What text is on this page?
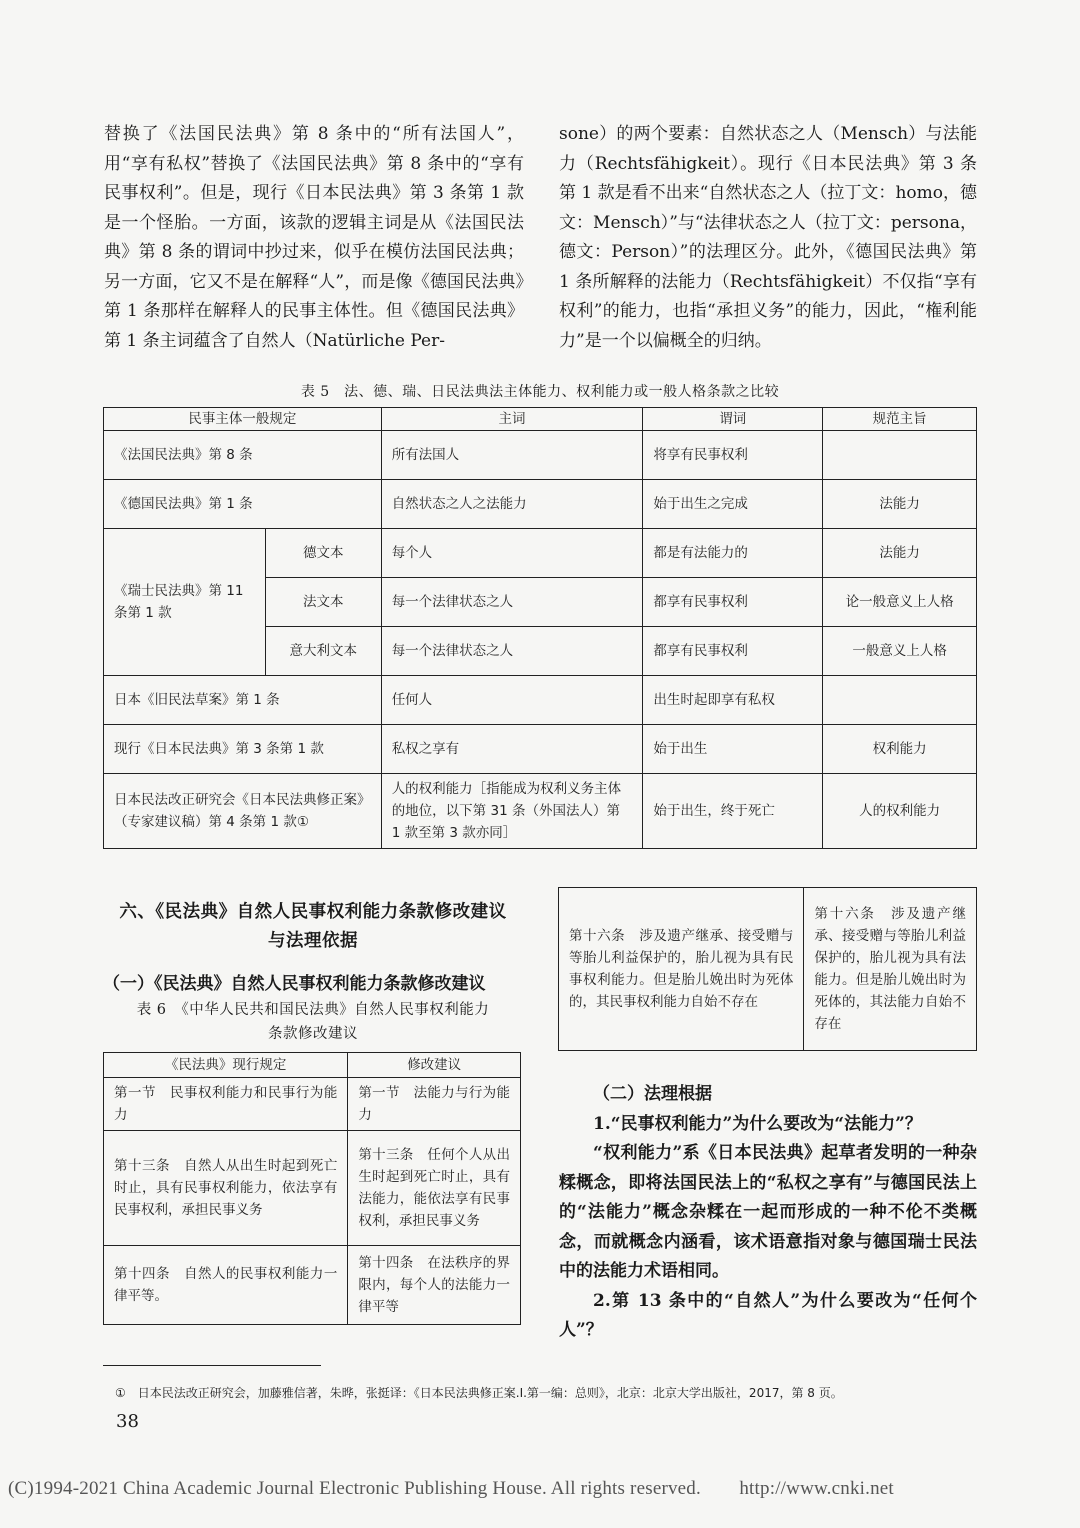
替换了《法国民法典》第 8 条中的“所有法国人”，用“享有私权”替换了《法国民法典》第 8 条中的“享有民事权利”。但是，现行《日本民法典》第 3 条第 1 款是一个怪胎。一方面，该款的逻辑主词是从《法国民法典》第 8 条的谓词中抄过来，似乎在模仿法国民法典；另一方面，它又不是在解释“人”，而是像《德国民法典》第 1 条那样在解释人的民事主体性。但《德国民法典》第 1 条主词蕴含了自然人（Natürliche Per-

sone）的两个要素：自然状态之人（Mensch）与法能力（Rechtsfähigkeit）。现行《日本民法典》第 3 条第 1 款是看不出来“自然状态之人（拉丁文：homo，德文：Mensch）”与“法律状态之人（拉丁文：persona，德文：Person）”的法理区分。此外，《德国民法典》第 1 条所解释的法能力（Rechtsfähigkeit）不仅指“享有权利”的能力，也指“承担义务”的能力，因此，“権利能力”是一个以偏概全的归纳。

表 5　法、德、瑞、日民法典法主体能力、权利能力或一般人格条款之比较
民事主体一般规定		主词	谓词	规范主旨
《法国民法典》第 8 条		所有法国人	将享有民事权利	
《德国民法典》第 1 条		自然状态之人之法能力	始于出生之完成	法能力
《瑞士民法典》第 11 条第 1 款	德文本	每个人	都是有法能力的	法能力
	法文本	每一个法律状态之人	都享有民事权利	论一般意义上人格
	意大利文本	每一个法律状态之人	都享有民事权利	一般意义上人格
日本《旧民法草案》第 1 条		任何人	出生时起即享有私权	
现行《日本民法典》第 3 条第 1 款		私权之享有	始于出生	权利能力
日本民法改正研究会《日本民法典修正案》（专家建议稿）第 4 条第 1 款①		人的权利能力［指能成为权利义务主体的地位，以下第 31 条（外国法人）第 1 款至第 3 款亦同］	始于出生，终于死亡	人的权利能力
六、《民法典》自然人民事权利能力条款修改建议
与法理依据
（一）《民法典》自然人民事权利能力条款修改建议
表 6　《中华人民共和国民法典》自然人民事权利能力
条款修改建议
《民法典》现行规定	修改建议
第一节　民事权利能力和民事行为能力	第一节　法能力与行为能力
第十三条　自然人从出生时起到死亡时止，具有民事权利能力，依法享有民事权利，承担民事义务	第十三条　任何个人从出生时起到死亡时止，具有法能力，能依法享有民事权利，承担民事义务
第十四条　自然人的民事权利能力一律平等。	第十四条　在法秩序的界限内，每个人的法能力一律平等
第十六条　涉及遗产继承、接受赠与等胎儿利益保护的，胎儿视为具有民事权利能力。但是胎儿娩出时为死体的，其民事权利能力自始不存在	第十六条　涉及遗产继承、接受赠与等胎儿利益保护的，胎儿视为具有法能力。但是胎儿娩出时为死体的，其法能力自始不存在

（二）法理根据

1.“民事权利能力”为什么要改为“法能力”？

“权利能力”系《日本民法典》起草者发明的一种杂糅概念，即将法国民法上的“私权之享有”与德国民法上的“法能力”概念杂糅在一起而形成的一种不伦不类概念，而就概念内涵看，该术语意指对象与德国瑞士民法中的法能力术语相同。

2.第 13 条中的“自然人”为什么要改为“任何个人”？

①　日本民法改正研究会，加藤雅信著，朱晔，张挺译：《日本民法典修正案.I.第一编：总则》，北京：北京大学出版社，2017，第 8 页。
38
(C)1994-2021 China Academic Journal Electronic Publishing House. All rights reserved.　　http://www.cnki.net
